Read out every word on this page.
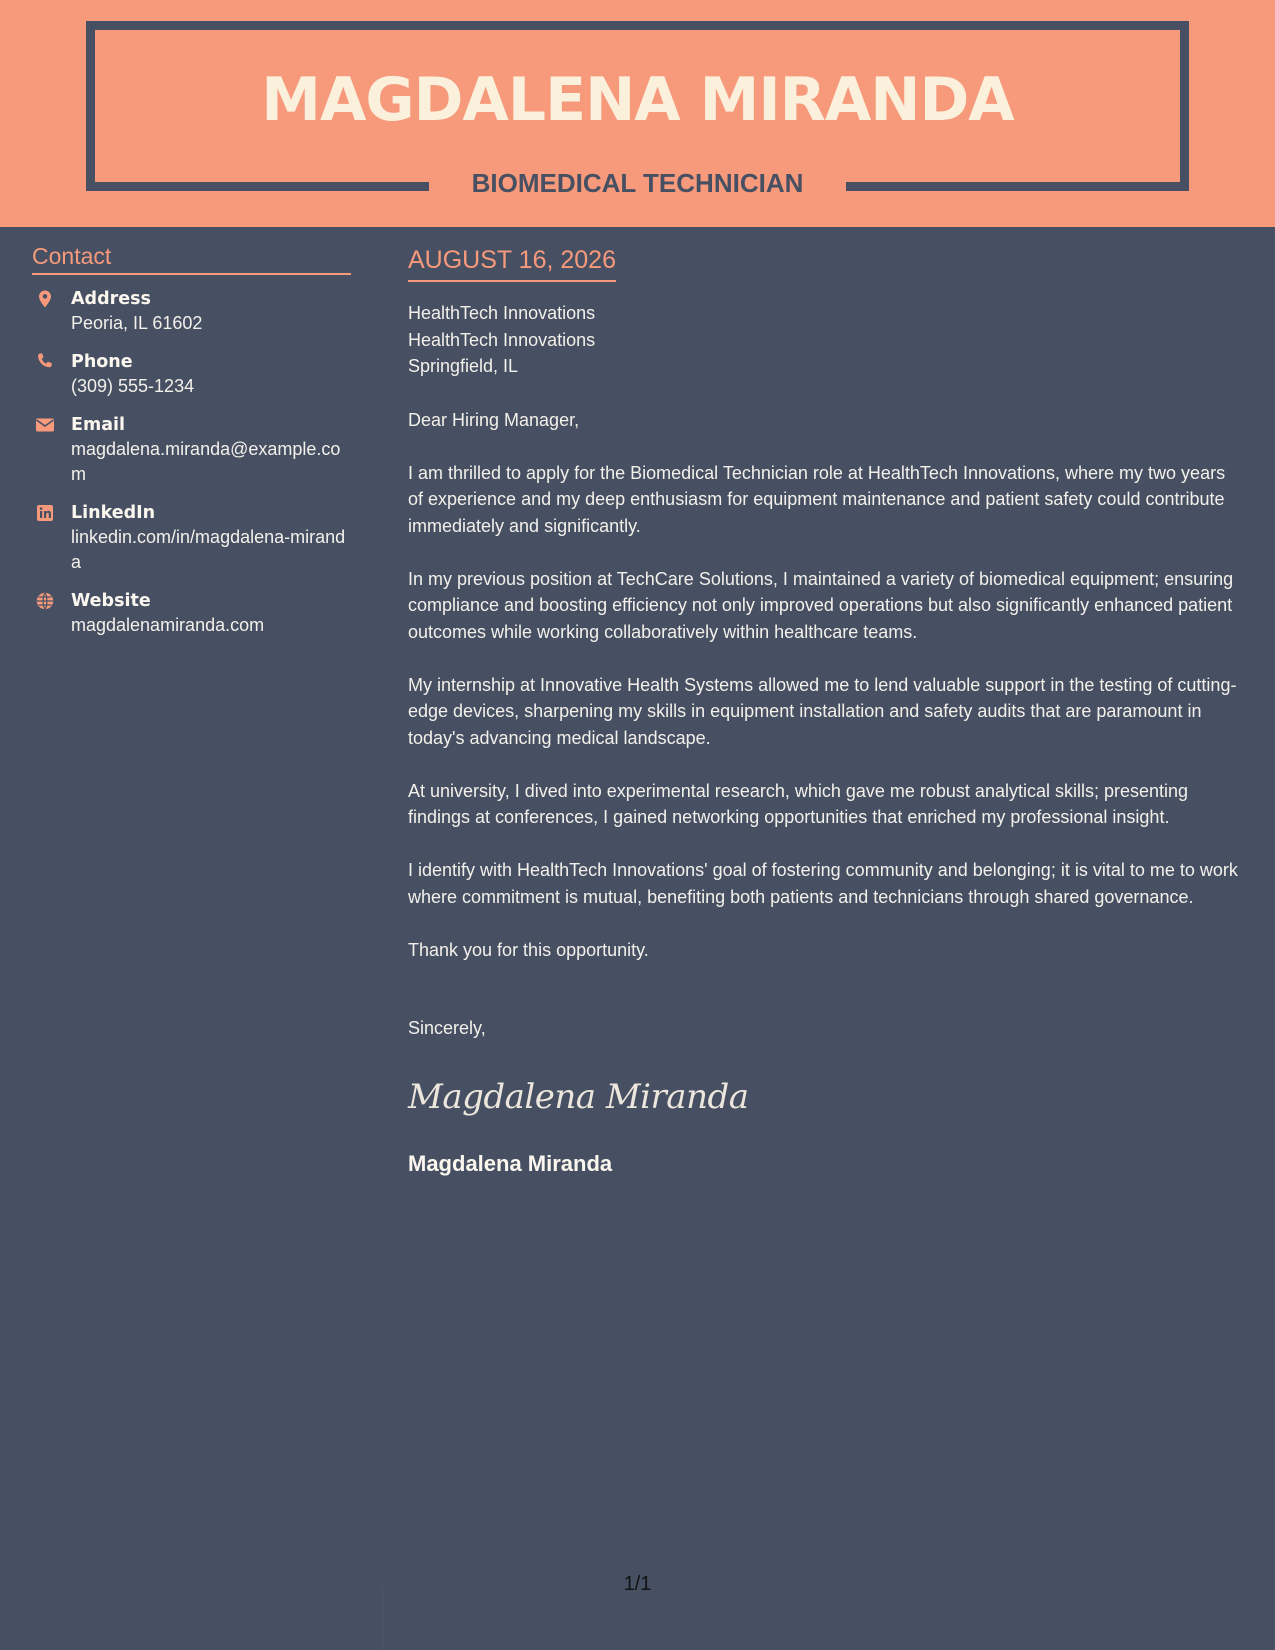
MAGDALENA MIRANDA
BIOMEDICAL TECHNICIAN
Contact
Address
Peoria, IL 61602
Phone
(309) 555-1234
Email
magdalena.miranda@example.com
LinkedIn
linkedin.com/in/magdalena-miranda
Website
magdalenamiranda.com
AUGUST 16, 2026
HealthTech Innovations
HealthTech Innovations
Springfield, IL

Dear Hiring Manager,

I am thrilled to apply for the Biomedical Technician role at HealthTech Innovations, where my two years of experience and my deep enthusiasm for equipment maintenance and patient safety could contribute immediately and significantly.

In my previous position at TechCare Solutions, I maintained a variety of biomedical equipment; ensuring compliance and boosting efficiency not only improved operations but also significantly enhanced patient outcomes while working collaboratively within healthcare teams.

My internship at Innovative Health Systems allowed me to lend valuable support in the testing of cutting-edge devices, sharpening my skills in equipment installation and safety audits that are paramount in today's advancing medical landscape.

At university, I dived into experimental research, which gave me robust analytical skills; presenting findings at conferences, I gained networking opportunities that enriched my professional insight.

I identify with HealthTech Innovations' goal of fostering community and belonging; it is vital to me to work where commitment is mutual, benefiting both patients and technicians through shared governance.

Thank you for this opportunity.

Sincerely,
Magdalena Miranda
Magdalena Miranda
1/1
